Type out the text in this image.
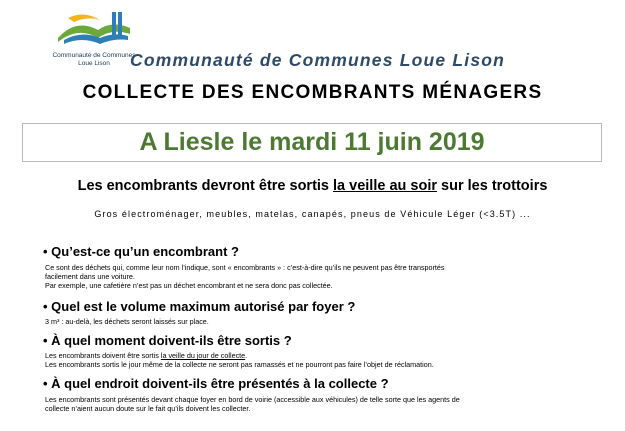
Communauté de Communes
Loue Lison	Communauté de Communes Loue Lison
COLLECTE DES ENCOMBRANTS MÉNAGERS
A Liesle le mardi 11 juin 2019
Les encombrants devront être sortis la veille au soir sur les trottoirs
Gros électroménager, meubles, matelas, canapés, pneus de Véhicule Léger (<3.5T) ...
• Qu’est-ce qu’un encombrant ?
Ce sont des déchets qui, comme leur nom l’indique, sont « encombrants » : c’est-à-dire qu’ils ne peuvent pas être transportés
facilement dans une voiture.
Par exemple, une cafetière n’est pas un déchet encombrant et ne sera donc pas collectée.
• Quel est le volume maximum autorisé par foyer ?
3 m³ : au-delà, les déchets seront laissés sur place.
• À quel moment doivent-ils être sortis ?
Les encombrants doivent être sortis la veille du jour de collecte.
Les encombrants sortis le jour même de la collecte ne seront pas ramassés et ne pourront pas faire l’objet de réclamation.
• À quel endroit doivent-ils être présentés à la collecte ?
Les encombrants sont présentés devant chaque foyer en bord de voirie (accessible aux véhicules) de telle sorte que les agents de
collecte n’aient aucun doute sur le fait qu’ils doivent les collecter.
